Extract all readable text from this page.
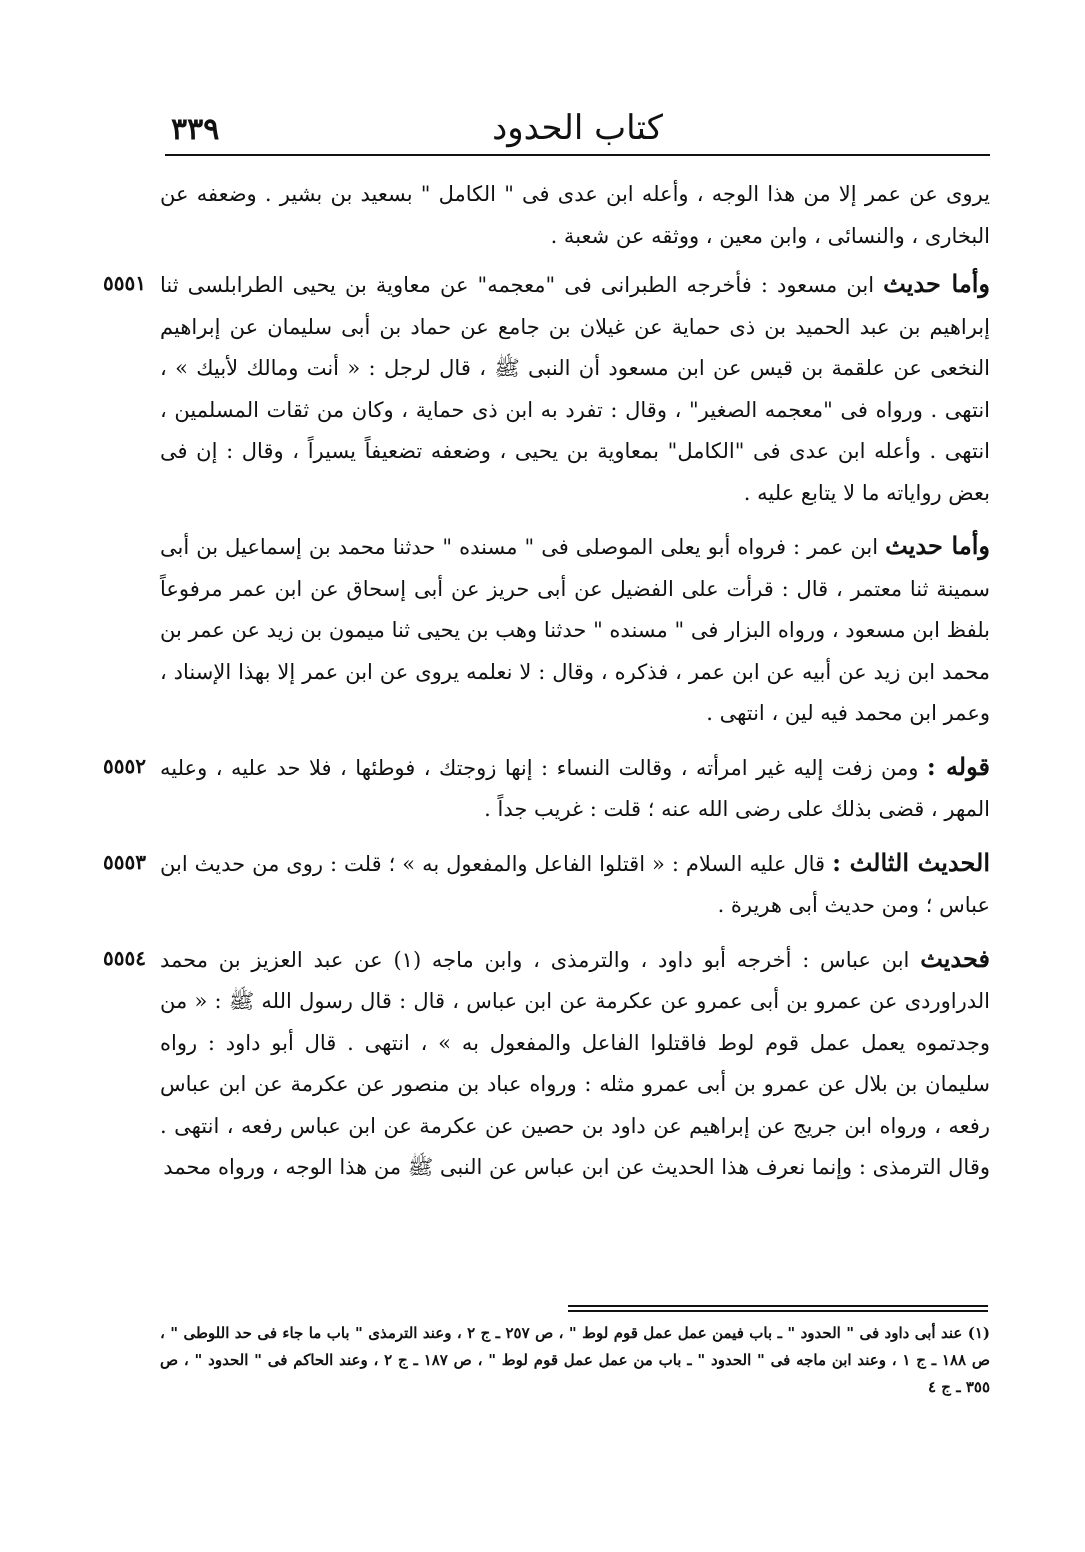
٣٣٩	كتاب الحدود

يروى عن عمر إلا من هذا الوجه ، وأعله ابن عدى فى " الكامل " بسعيد بن بشير . وضعفه عن البخارى ، والنسائى ، وابن معين ، ووثقه عن شعبة .

٥٥٥١	وأما حديث ابن مسعود : فأخرجه الطبرانى فى "معجمه" عن معاوية بن يحيى الطرابلسى ثنا إبراهيم بن عبد الحميد بن ذى حماية عن غيلان بن جامع عن حماد بن أبى سليمان عن إبراهيم النخعى عن علقمة بن قيس عن ابن مسعود أن النبى ﷺ ، قال لرجل : « أنت ومالك لأبيك » ، انتهى . ورواه فى "معجمه الصغير" ، وقال : تفرد به ابن ذى حماية ، وكان من ثقات المسلمين ، انتهى . وأعله ابن عدى فى "الكامل" بمعاوية بن يحيى ، وضعفه تضعيفاً يسيراً ، وقال : إن فى بعض رواياته ما لا يتابع عليه .

وأما حديث ابن عمر : فرواه أبو يعلى الموصلى فى " مسنده " حدثنا محمد بن إسماعيل بن أبى سمينة ثنا معتمر ، قال : قرأت على الفضيل عن أبى حريز عن أبى إسحاق عن ابن عمر مرفوعاً بلفظ ابن مسعود ، ورواه البزار فى " مسنده " حدثنا وهب بن يحيى ثنا ميمون بن زيد عن عمر بن محمد ابن زيد عن أبيه عن ابن عمر ، فذكره ، وقال : لا نعلمه يروى عن ابن عمر إلا بهذا الإسناد ، وعمر ابن محمد فيه لين ، انتهى .

٥٥٥٢	قوله : ومن زفت إليه غير امرأته ، وقالت النساء : إنها زوجتك ، فوطئها ، فلا حد عليه ، وعليه المهر ، قضى بذلك على رضى الله عنه ؛ قلت : غريب جداً .

٥٥٥٣	الحديث الثالث : قال عليه السلام : « اقتلوا الفاعل والمفعول به » ؛ قلت : روى من حديث ابن عباس ؛ ومن حديث أبى هريرة .

٥٥٥٤	فحديث ابن عباس : أخرجه أبو داود ، والترمذى ، وابن ماجه (١) عن عبد العزيز بن محمد الدراوردى عن عمرو بن أبى عمرو عن عكرمة عن ابن عباس ، قال : قال رسول الله ﷺ : « من وجدتموه يعمل عمل قوم لوط فاقتلوا الفاعل والمفعول به » ، انتهى . قال أبو داود : رواه سليمان بن بلال عن عمرو بن أبى عمرو مثله : ورواه عباد بن منصور عن عكرمة عن ابن عباس رفعه ، ورواه ابن جريج عن إبراهيم عن داود بن حصين عن عكرمة عن ابن عباس رفعه ، انتهى . وقال الترمذى : وإنما نعرف هذا الحديث عن ابن عباس عن النبى ﷺ من هذا الوجه ، ورواه محمد

(١) عند أبى داود فى " الحدود " ـ باب فيمن عمل عمل قوم لوط " ، ص ٢٥٧ ـ ج ٢ ، وعند الترمذى " باب ما جاء فى حد اللوطى " ، ص ١٨٨ ـ ج ١ ، وعند ابن ماجه فى " الحدود " ـ باب من عمل عمل قوم لوط " ، ص ١٨٧ ـ ج ٢ ، وعند الحاكم فى " الحدود " ، ص ٣٥٥ ـ ج ٤
